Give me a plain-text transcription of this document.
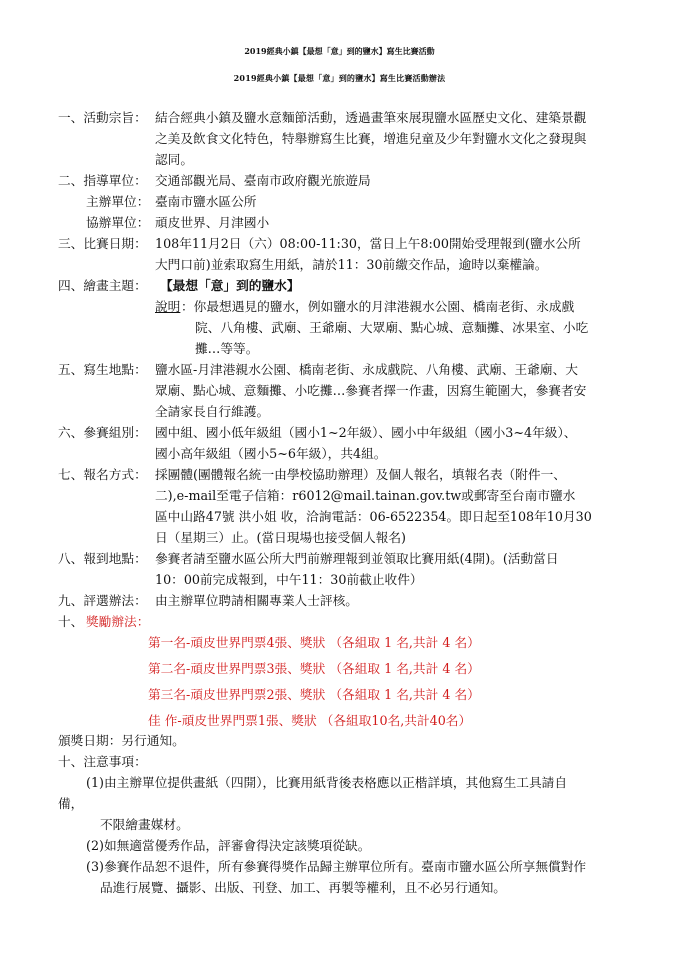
2019經典小鎮【最想「意」到的鹽水】寫生比賽活動
2019經典小鎮【最想「意」到的鹽水】寫生比賽活動辦法
一、活動宗旨： 結合經典小鎮及鹽水意麵節活動，透過畫筆來展現鹽水區歷史文化、建築景觀
之美及飲食文化特色，特舉辦寫生比賽，增進兒童及少年對鹽水文化之發現與
認同。
二、指導單位： 交通部觀光局、臺南市政府觀光旅遊局
主辦單位： 臺南市鹽水區公所
協辦單位： 頑皮世界、月津國小
三、比賽日期： 108年11月2日（六）08:00-11:30，當日上午8:00開始受理報到(鹽水公所
大門口前)並索取寫生用紙，請於11：30前繳交作品，逾時以棄權論。
四、繪畫主題： 【最想「意」到的鹽水】
說明 ：你最想遇見的鹽水，例如鹽水的月津港親水公園、橋南老街、永成戲
院、八角樓、武廟、王爺廟、大眾廟、點心城、意麵攤、冰果室、小吃
攤…等等。
五、寫生地點： 鹽水區-月津港親水公園、橋南老街、永成戲院、八角樓、武廟、王爺廟、大
眾廟、點心城、意麵攤、小吃攤…參賽者擇一作畫，因寫生範圍大，參賽者安
全請家長自行維護。
六、參賽組別： 國中組、國小低年級組（國小1~2年級）、國小中年級組（國小3~4年級）、
國小高年級組（國小5~6年級），共4組。
七、報名方式： 採團體(團體報名統一由學校協助辦理）及個人報名，填報名表（附件一、
二),e-mail至電子信箱：r6012@mail.tainan.gov.tw或郵寄至台南市鹽水
區中山路47號 洪小姐 收，洽詢電話：06-6522354。即日起至108年10月30
日（星期三）止。(當日現場也接受個人報名)
八、報到地點： 參賽者請至鹽水區公所大門前辦理報到並領取比賽用紙(4開)。(活動當日
10：00前完成報到，中午11：30前截止收件）
九、評選辦法： 由主辦單位聘請相關專業人士評核。
十、 獎勵辦法：
第一名-頑皮世界門票4張、獎狀 （各組取 1 名,共計 4 名）
第二名-頑皮世界門票3張、獎狀 （各組取 1 名,共計 4 名）
第三名-頑皮世界門票2張、獎狀 （各組取 1 名,共計 4 名）
佳 作-頑皮世界門票1張、獎狀 （各組取10名,共計40名）
頒獎日期：另行通知。
十、注意事項：
(1)由主辦單位提供畫紙（四開），比賽用紙背後表格應以正楷詳填，其他寫生工具請自
備，
不限繪畫媒材。
(2)如無適當優秀作品，評審會得決定該獎項從缺。
(3)參賽作品恕不退件，所有參賽得獎作品歸主辦單位所有。臺南市鹽水區公所享無償對作
品進行展覽、攝影、出版、刊登、加工、再製等權利，且不必另行通知。
